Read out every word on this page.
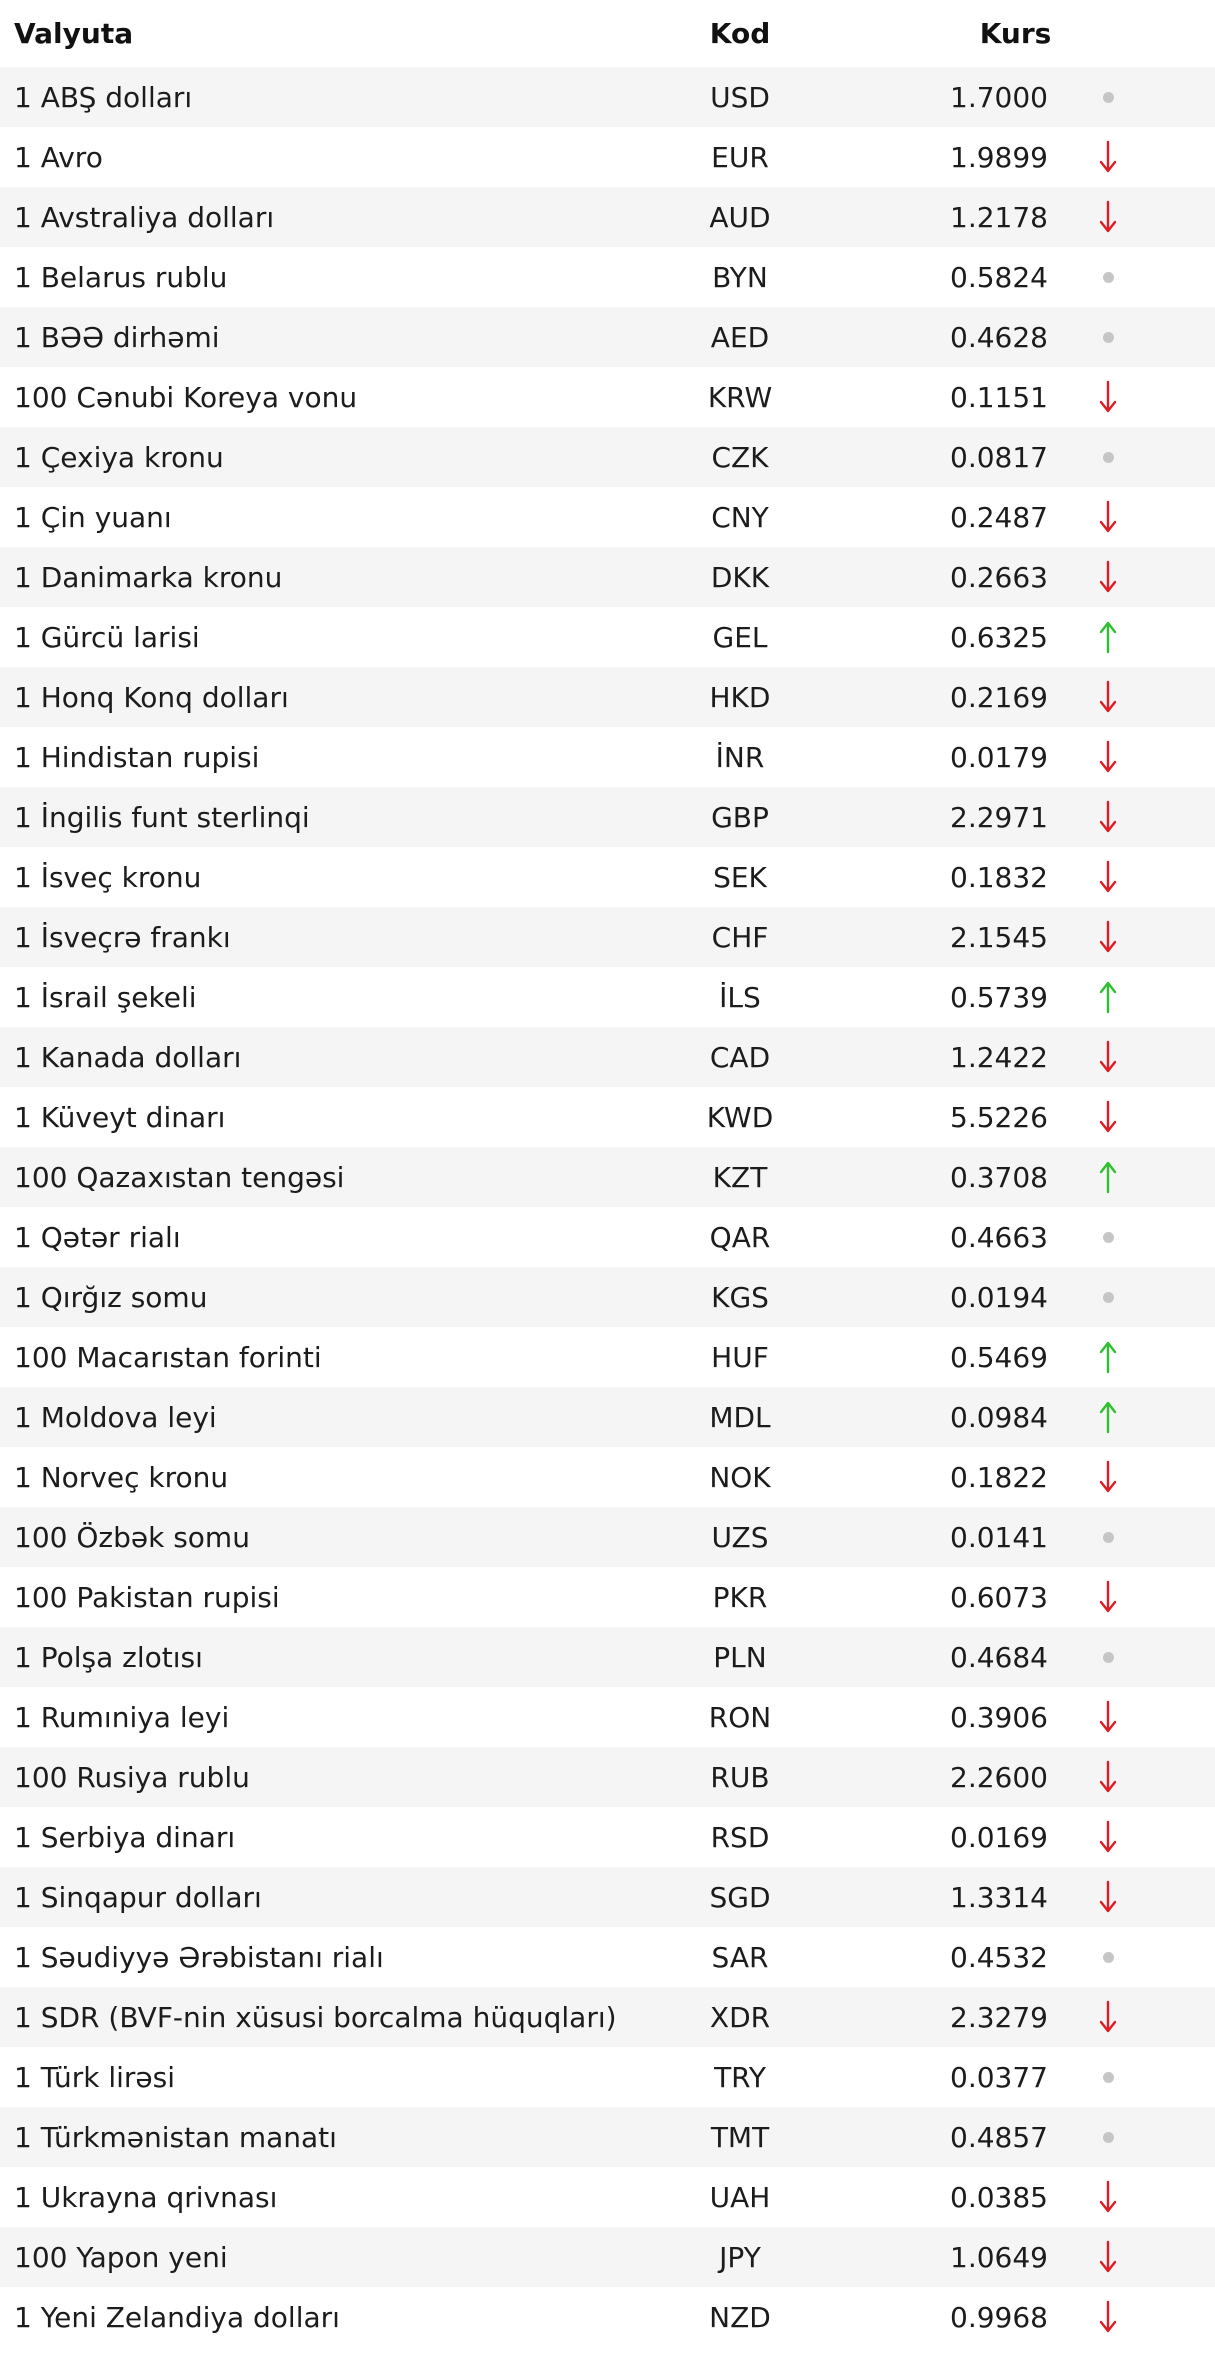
Valyuta	Kod	Kurs
1 ABŞ dolları	USD	1.7000
1 Avro	EUR	1.9899
1 Avstraliya dolları	AUD	1.2178
1 Belarus rublu	BYN	0.5824
1 BƏƏ dirhəmi	AED	0.4628
100 Cənubi Koreya vonu	KRW	0.1151
1 Çexiya kronu	CZK	0.0817
1 Çin yuanı	CNY	0.2487
1 Danimarka kronu	DKK	0.2663
1 Gürcü larisi	GEL	0.6325
1 Honq Konq dolları	HKD	0.2169
1 Hindistan rupisi	İNR	0.0179
1 İngilis funt sterlinqi	GBP	2.2971
1 İsveç kronu	SEK	0.1832
1 İsveçrə frankı	CHF	2.1545
1 İsrail şekeli	İLS	0.5739
1 Kanada dolları	CAD	1.2422
1 Küveyt dinarı	KWD	5.5226
100 Qazaxıstan tengəsi	KZT	0.3708
1 Qətər rialı	QAR	0.4663
1 Qırğız somu	KGS	0.0194
100 Macarıstan forinti	HUF	0.5469
1 Moldova leyi	MDL	0.0984
1 Norveç kronu	NOK	0.1822
100 Özbək somu	UZS	0.0141
100 Pakistan rupisi	PKR	0.6073
1 Polşa zlotısı	PLN	0.4684
1 Rumıniya leyi	RON	0.3906
100 Rusiya rublu	RUB	2.2600
1 Serbiya dinarı	RSD	0.0169
1 Sinqapur dolları	SGD	1.3314
1 Səudiyyə Ərəbistanı rialı	SAR	0.4532
1 SDR (BVF-nin xüsusi borcalma hüquqları)	XDR	2.3279
1 Türk lirəsi	TRY	0.0377
1 Türkmənistan manatı	TMT	0.4857
1 Ukrayna qrivnası	UAH	0.0385
100 Yapon yeni	JPY	1.0649
1 Yeni Zelandiya dolları	NZD	0.9968
